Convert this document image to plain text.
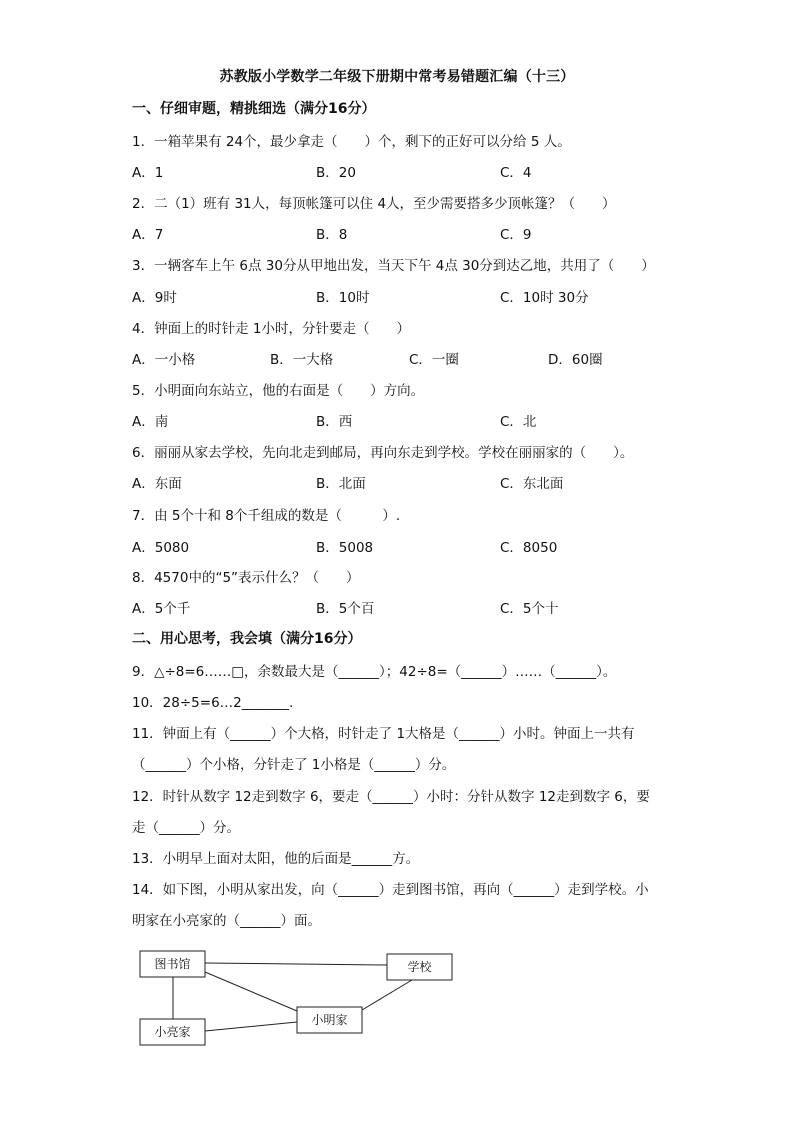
苏教版小学数学二年级下册期中常考易错题汇编（十三）
一、仔细审题，精挑细选（满分16分）
1．一箱苹果有 24个，最少拿走（　　）个，剩下的正好可以分给 5 人。
A．1	B．20	C．4
2．二（1）班有 31人，每顶帐篷可以住 4人，至少需要搭多少顶帐篷？（　　）
A．7	B．8	C．9
3．一辆客车上午 6点 30分从甲地出发，当天下午 4点 30分到达乙地，共用了（　　）
A．9时	B．10时	C．10时 30分
4．钟面上的时针走 1小时，分针要走（　　）
A．一小格	B．一大格	C．一圈	D．60圈
5．小明面向东站立，他的右面是（　　）方向。
A．南	B．西	C．北
6．丽丽从家去学校，先向北走到邮局，再向东走到学校。学校在丽丽家的（　　）。
A．东面	B．北面	C．东北面
7．由 5个十和 8个千组成的数是（　　　）.
A．5080	B．5008	C．8050
8．4570中的“5”表示什么？（　　）
A．5个千	B．5个百	C．5个十
二、用心思考，我会填（满分16分）
9．△÷8=6……□，余数最大是（______）；42÷8=（______）……（______）。
10．28÷5=6…2_______.
11．钟面上有（______）个大格，时针走了 1大格是（______）小时。钟面上一共有
（______）个小格，分针走了 1小格是（______）分。
12．时针从数字 12走到数字 6，要走（______）小时：分针从数字 12走到数字 6，要
走（______）分。
13．小明早上面对太阳，他的后面是______方。
14．如下图，小明从家出发，向（______）走到图书馆，再向（______）走到学校。小
明家在小亮家的（______）面。
图书馆	学校
小亮家
小明家
